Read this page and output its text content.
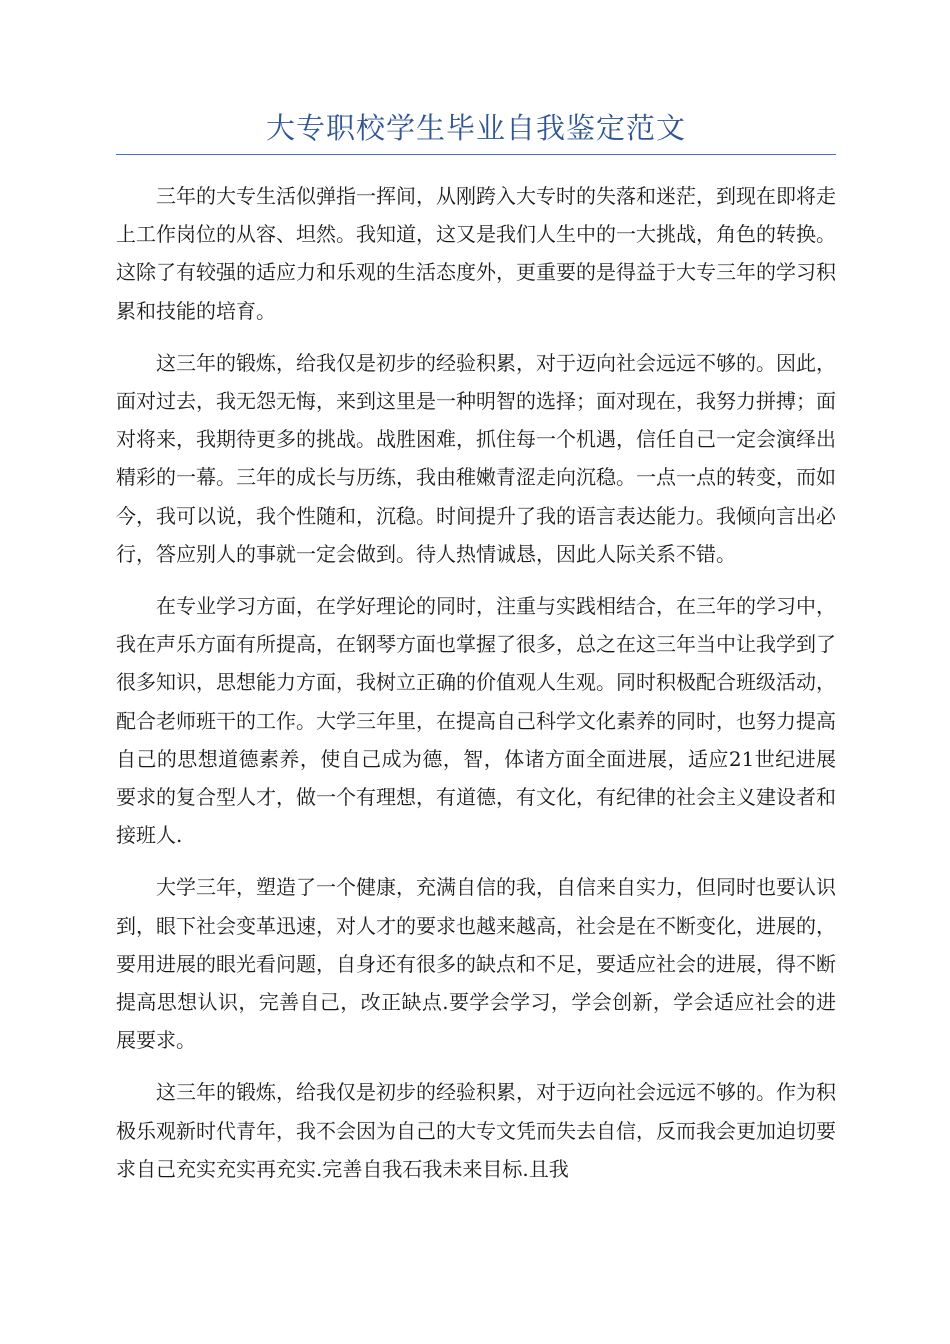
大专职校学生毕业自我鉴定范文

三年的大专生活似弹指一挥间，从刚跨入大专时的失落和迷茫，到现在即将走上工作岗位的从容、坦然。我知道，这又是我们人生中的一大挑战，角色的转换。这除了有较强的适应力和乐观的生活态度外，更重要的是得益于大专三年的学习积累和技能的培育。

这三年的锻炼，给我仅是初步的经验积累，对于迈向社会远远不够的。因此，面对过去，我无怨无悔，来到这里是一种明智的选择；面对现在，我努力拼搏；面对将来，我期待更多的挑战。战胜困难，抓住每一个机遇，信任自己一定会演绎出精彩的一幕。三年的成长与历练，我由稚嫩青涩走向沉稳。一点一点的转变，而如今，我可以说，我个性随和，沉稳。时间提升了我的语言表达能力。我倾向言出必行，答应别人的事就一定会做到。待人热情诚恳，因此人际关系不错。

在专业学习方面，在学好理论的同时，注重与实践相结合，在三年的学习中，我在声乐方面有所提高，在钢琴方面也掌握了很多，总之在这三年当中让我学到了很多知识，思想能力方面，我树立正确的价值观人生观。同时积极配合班级活动，配合老师班干的工作。大学三年里，在提高自己科学文化素养的同时，也努力提高自己的思想道德素养，使自己成为德，智，体诸方面全面进展，适应21世纪进展要求的复合型人才，做一个有理想，有道德，有文化，有纪律的社会主义建设者和接班人.

大学三年，塑造了一个健康，充满自信的我，自信来自实力，但同时也要认识到，眼下社会变革迅速，对人才的要求也越来越高，社会是在不断变化，进展的，要用进展的眼光看问题，自身还有很多的缺点和不足，要适应社会的进展，得不断提高思想认识，完善自己，改正缺点.要学会学习，学会创新，学会适应社会的进展要求。

这三年的锻炼，给我仅是初步的经验积累，对于迈向社会远远不够的。作为积极乐观新时代青年，我不会因为自己的大专文凭而失去自信，反而我会更加迫切要求自己充实充实再充实.完善自我石我未来目标.且我
